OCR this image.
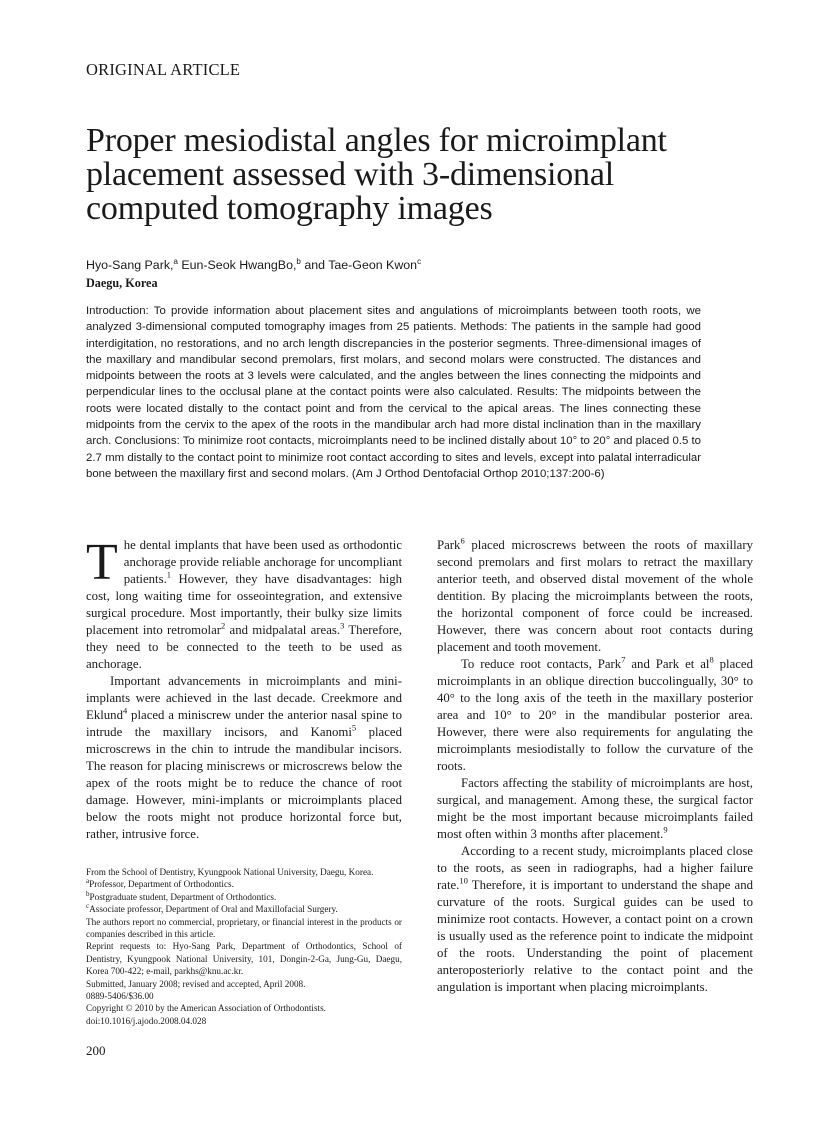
ORIGINAL ARTICLE
Proper mesiodistal angles for microimplant placement assessed with 3-dimensional computed tomography images
Hyo-Sang Park,$^a$ Eun-Seok HwangBo,$^b$ and Tae-Geon Kwon$^c$
Daegu, Korea

Introduction: To provide information about placement sites and angulations of microimplants between tooth roots, we analyzed 3-dimensional computed tomography images from 25 patients. Methods: The patients in the sample had good interdigitation, no restorations, and no arch length discrepancies in the posterior segments. Three-dimensional images of the maxillary and mandibular second premolars, first molars, and second molars were constructed. The distances and midpoints between the roots at 3 levels were calculated, and the angles between the lines connecting the midpoints and perpendicular lines to the occlusal plane at the contact points were also calculated. Results: The midpoints between the roots were located distally to the contact point and from the cervical to the apical areas. The lines connecting these midpoints from the cervix to the apex of the roots in the mandibular arch had more distal inclination than in the maxillary arch. Conclusions: To minimize root contacts, microimplants need to be inclined distally about 10° to 20° and placed 0.5 to 2.7 mm distally to the contact point to minimize root contact according to sites and levels, except into palatal interradicular bone between the maxillary first and second molars. (Am J Orthod Dentofacial Orthop 2010;137:200-6)

The dental implants that have been used as orthodontic anchorage provide reliable anchorage for uncompliant patients.$^1$ However, they have disadvantages: high cost, long waiting time for osseointegration, and extensive surgical procedure. Most importantly, their bulky size limits placement into retromolar$^2$ and midpalatal areas.$^3$ Therefore, they need to be connected to the teeth to be used as anchorage.

Important advancements in microimplants and mini-implants were achieved in the last decade. Creekmore and Eklund$^4$ placed a miniscrew under the anterior nasal spine to intrude the maxillary incisors, and Kanomi$^5$ placed microscrews in the chin to intrude the mandibular incisors. The reason for placing miniscrews or microscrews below the apex of the roots might be to reduce the chance of root damage. However, mini-implants or microimplants placed below the roots might not produce horizontal force but, rather, intrusive force.

Park$^6$ placed microscrews between the roots of maxillary second premolars and first molars to retract the maxillary anterior teeth, and observed distal movement of the whole dentition. By placing the microimplants between the roots, the horizontal component of force could be increased. However, there was concern about root contacts during placement and tooth movement.

To reduce root contacts, Park$^7$ and Park et $al^8$ placed microimplants in an oblique direction buccolingually, 30° to 40° to the long axis of the teeth in the maxillary posterior area and 10° to 20° in the mandibular posterior area. However, there were also requirements for angulating the microimplants mesiodistally to follow the curvature of the roots.

Factors affecting the stability of microimplants are host, surgical, and management. Among these, the surgical factor might be the most important because microimplants failed most often within 3 months after placement.$^9$

According to a recent study, microimplants placed close to the roots, as seen in radiographs, had a higher failure rate.$^{10}$ Therefore, it is important to understand the shape and curvature of the roots. Surgical guides can be used to minimize root contacts. However, a contact point on a crown is usually used as the reference point to indicate the midpoint of the roots. Understanding the point of placement anteroposteriorly relative to the contact point and the angulation is important when placing microimplants.

From the School of Dentistry, Kyungpook National University, Daegu, Korea.

$^a$Professor, Department of Orthodontics.

$^b$Postgraduate student, Department of Orthodontics.

$^c$Associate professor, Department of Oral and Maxillofacial Surgery.

The authors report no commercial, proprietary, or financial interest in the products or companies described in this article.

Reprint requests to: Hyo-Sang Park, Department of Orthodontics, School of Dentistry, Kyungpook National University, 101, Dongin-2-Ga, Jung-Gu, Daegu, Korea 700-422; e-mail, parkhs@knu.ac.kr.

Submitted, January 2008; revised and accepted, April 2008.

0889-5406/$36.00

Copyright © 2010 by the American Association of Orthodontists.

doi:10.1016/j.ajodo.2008.04.028

200
